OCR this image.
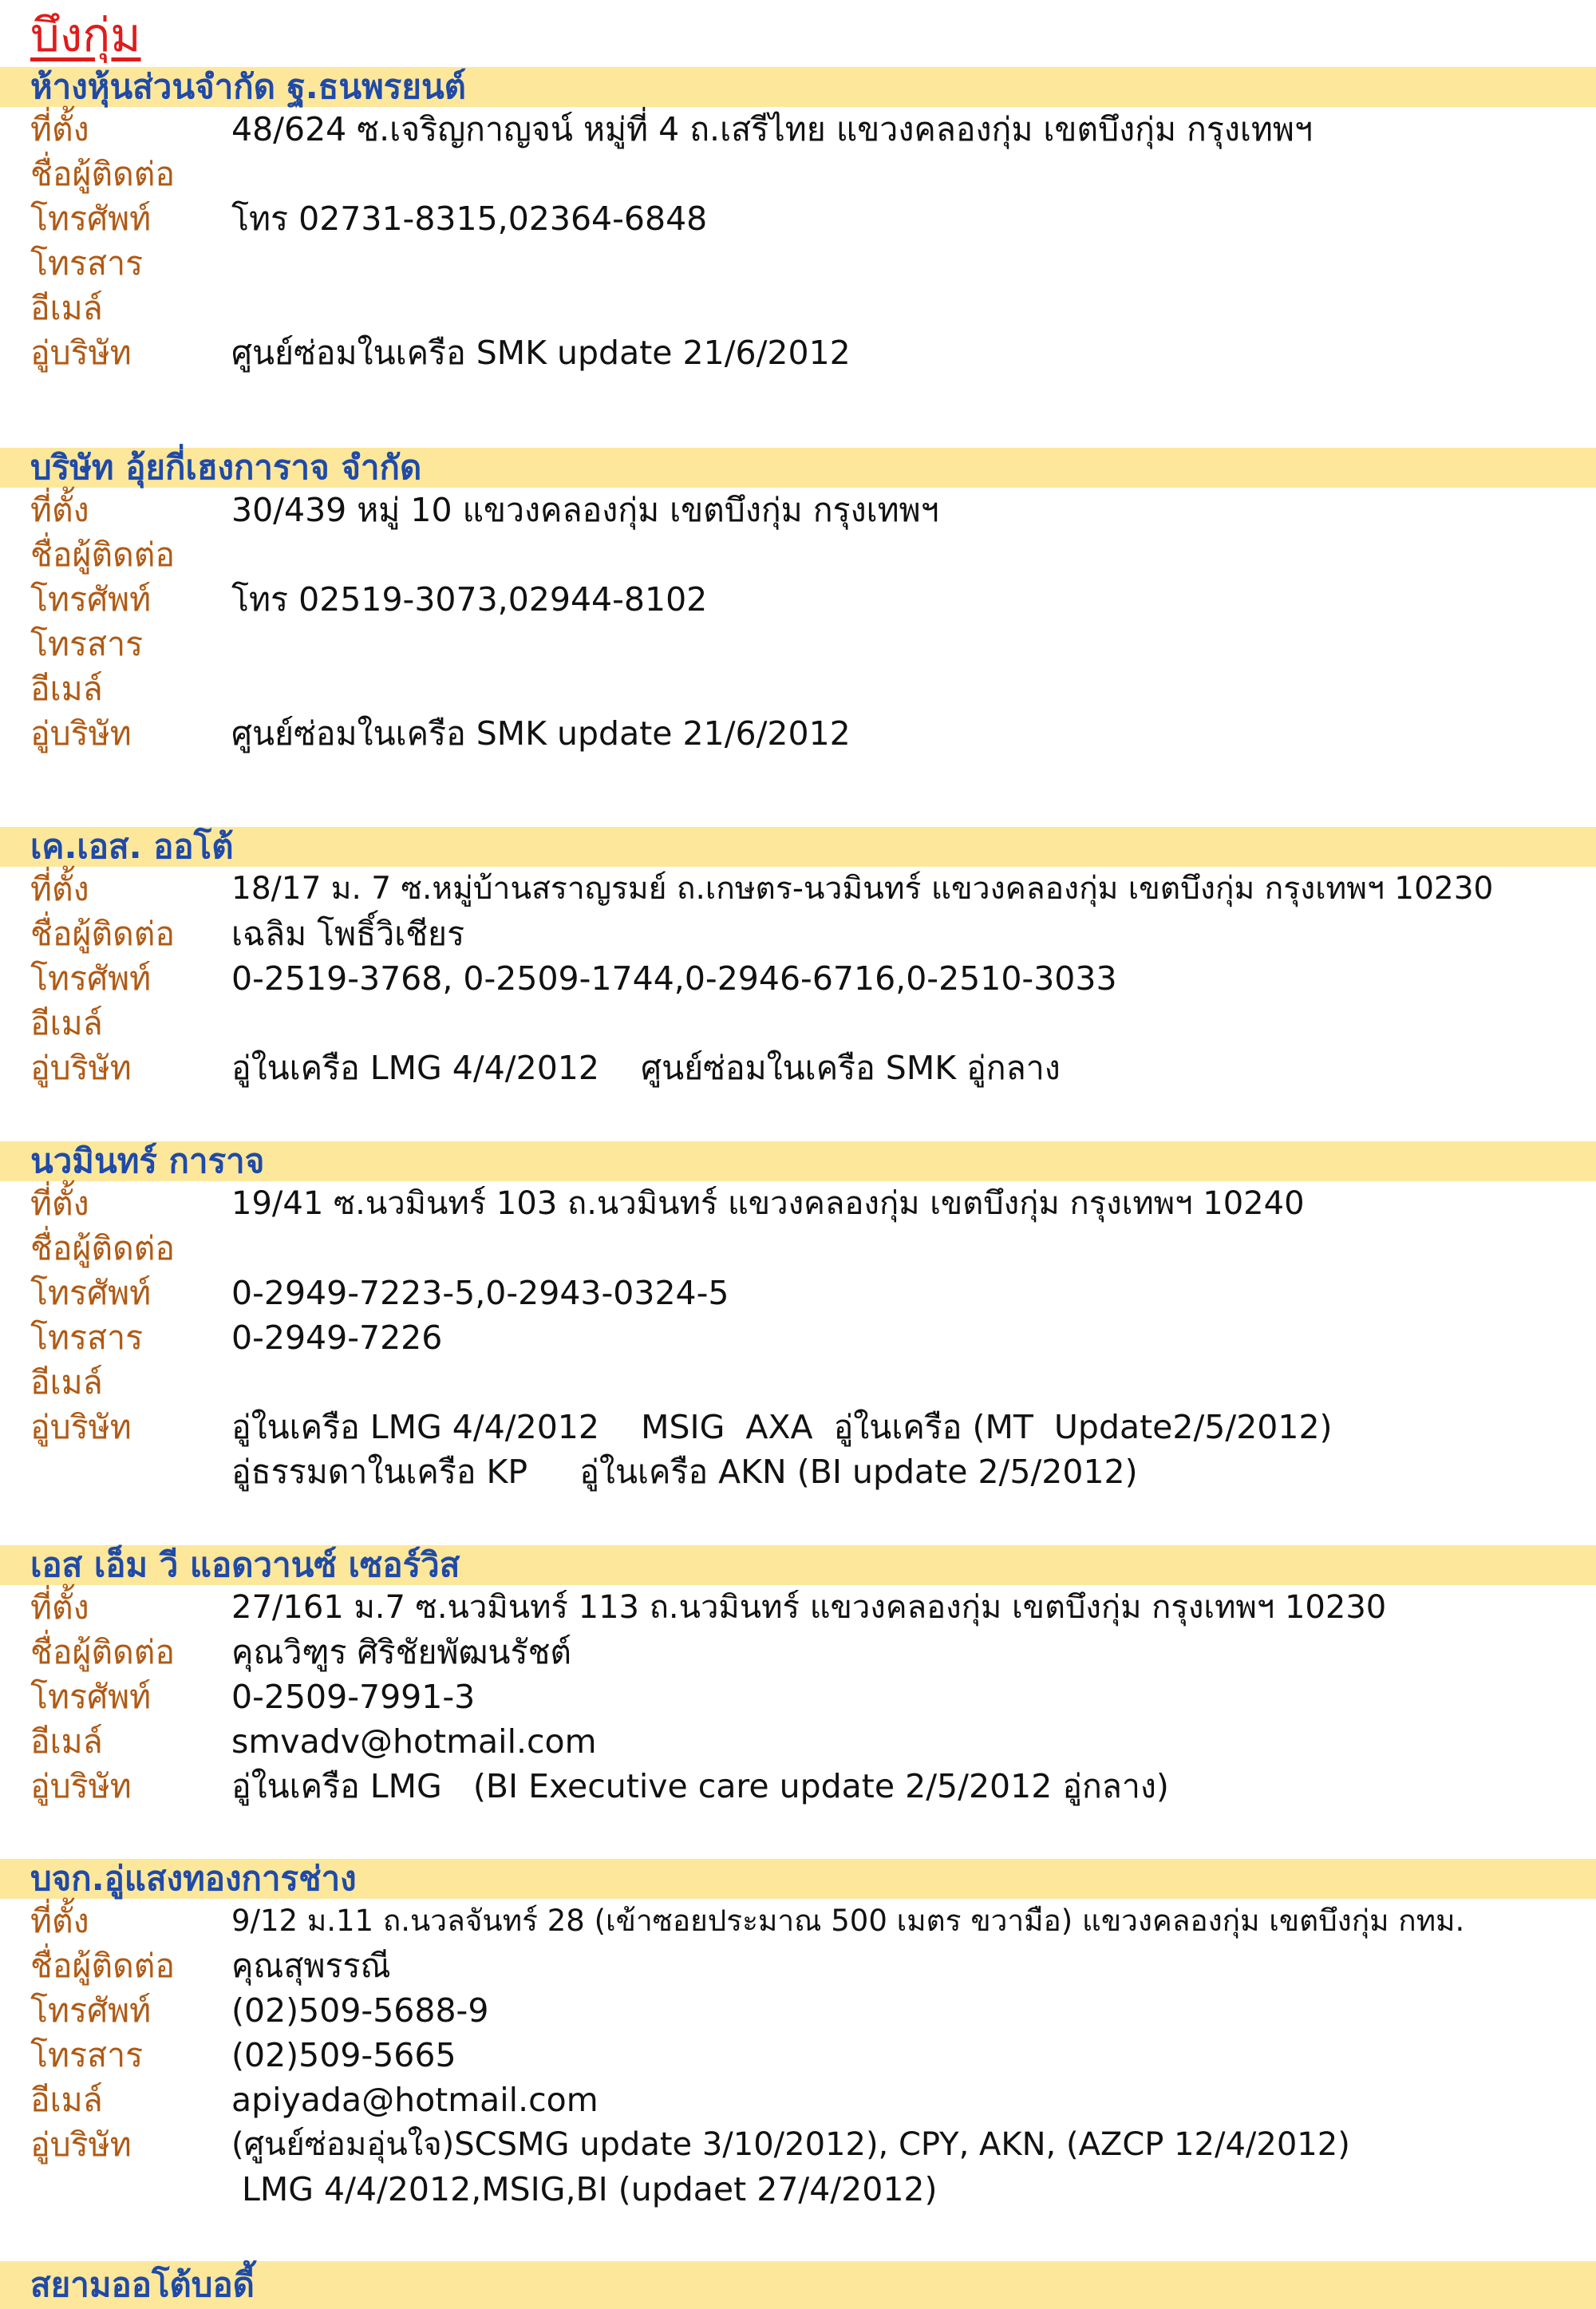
บึงกุ่ม
ห้างหุ้นส่วนจำกัด ฐ.ธนพรยนต์
ที่ตั้ง	48/624 ซ.เจริญกาญจน์ หมู่ที่ 4 ถ.เสรีไทย แขวงคลองกุ่ม เขตบึงกุ่ม กรุงเทพฯ
ชื่อผู้ติดต่อ
โทรศัพท์	โทร 02731-8315,02364-6848
โทรสาร
อีเมล์
อู่บริษัท	ศูนย์ซ่อมในเครือ SMK update 21/6/2012
บริษัท อุ้ยกี่เฮงการาจ จำกัด
ที่ตั้ง	30/439 หมู่ 10 แขวงคลองกุ่ม เขตบึงกุ่ม กรุงเทพฯ
ชื่อผู้ติดต่อ
โทรศัพท์	โทร 02519-3073,02944-8102
โทรสาร
อีเมล์
อู่บริษัท	ศูนย์ซ่อมในเครือ SMK update 21/6/2012
เค.เอส. ออโต้
ที่ตั้ง	18/17 ม. 7 ซ.หมู่บ้านสราญรมย์ ถ.เกษตร-นวมินทร์ แขวงคลองกุ่ม เขตบึงกุ่ม กรุงเทพฯ 10230
ชื่อผู้ติดต่อ	เฉลิม โพธิ์วิเชียร
โทรศัพท์	0-2519-3768, 0-2509-1744,0-2946-6716,0-2510-3033
อีเมล์
อู่บริษัท	อู่ในเครือ LMG 4/4/2012    ศูนย์ซ่อมในเครือ SMK อู่กลาง
นวมินทร์ การาจ
ที่ตั้ง	19/41 ซ.นวมินทร์ 103 ถ.นวมินทร์ แขวงคลองกุ่ม เขตบึงกุ่ม กรุงเทพฯ 10240
ชื่อผู้ติดต่อ
โทรศัพท์	0-2949-7223-5,0-2943-0324-5
โทรสาร	0-2949-7226
อีเมล์
อู่บริษัท	อู่ในเครือ LMG 4/4/2012    MSIG  AXA  อู่ในเครือ (MT  Update2/5/2012)
อู่ธรรมดาในเครือ KP     อู่ในเครือ AKN (BI update 2/5/2012)
เอส เอ็ม วี แอดวานซ์ เซอร์วิส
ที่ตั้ง	27/161 ม.7 ซ.นวมินทร์ 113 ถ.นวมินทร์ แขวงคลองกุ่ม เขตบึงกุ่ม กรุงเทพฯ 10230
ชื่อผู้ติดต่อ	คุณวิฑูร ศิริชัยพัฒนรัชต์
โทรศัพท์	0-2509-7991-3
อีเมล์	smvadv@hotmail.com
อู่บริษัท	อู่ในเครือ LMG   (BI Executive care update 2/5/2012 อู่กลาง)
บจก.อู่แสงทองการช่าง
ที่ตั้ง	9/12 ม.11 ถ.นวลจันทร์ 28 (เข้าซอยประมาณ 500 เมตร ขวามือ) แขวงคลองกุ่ม เขตบึงกุ่ม กทม.
ชื่อผู้ติดต่อ	คุณสุพรรณี
โทรศัพท์	(02)509-5688-9
โทรสาร	(02)509-5665
อีเมล์	apiyada@hotmail.com
อู่บริษัท	(ศูนย์ซ่อมอุ่นใจ)SCSMG update 3/10/2012), CPY, AKN, (AZCP 12/4/2012)
LMG 4/4/2012,MSIG,BI (updaet 27/4/2012)
สยามออโต้บอดี้
